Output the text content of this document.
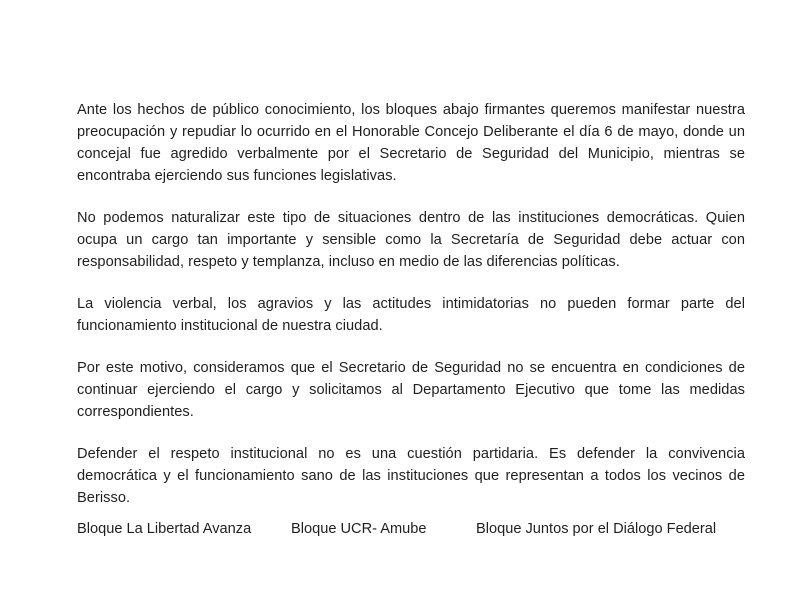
Ante los hechos de público conocimiento, los bloques abajo firmantes queremos manifestar nuestra preocupación y repudiar lo ocurrido en el Honorable Concejo Deliberante el día 6 de mayo, donde un concejal fue agredido verbalmente por el Secretario de Seguridad del Municipio, mientras se encontraba ejerciendo sus funciones legislativas.

No podemos naturalizar este tipo de situaciones dentro de las instituciones democráticas. Quien ocupa un cargo tan importante y sensible como la Secretaría de Seguridad debe actuar con responsabilidad, respeto y templanza, incluso en medio de las diferencias políticas.

La violencia verbal, los agravios y las actitudes intimidatorias no pueden formar parte del funcionamiento institucional de nuestra ciudad.

Por este motivo, consideramos que el Secretario de Seguridad no se encuentra en condiciones de continuar ejerciendo el cargo y solicitamos al Departamento Ejecutivo que tome las medidas correspondientes.

Defender el respeto institucional no es una cuestión partidaria. Es defender la convivencia democrática y el funcionamiento sano de las instituciones que representan a todos los vecinos de Berisso.

Bloque La Libertad Avanza	Bloque UCR- Amube	Bloque Juntos por el Diálogo Federal
